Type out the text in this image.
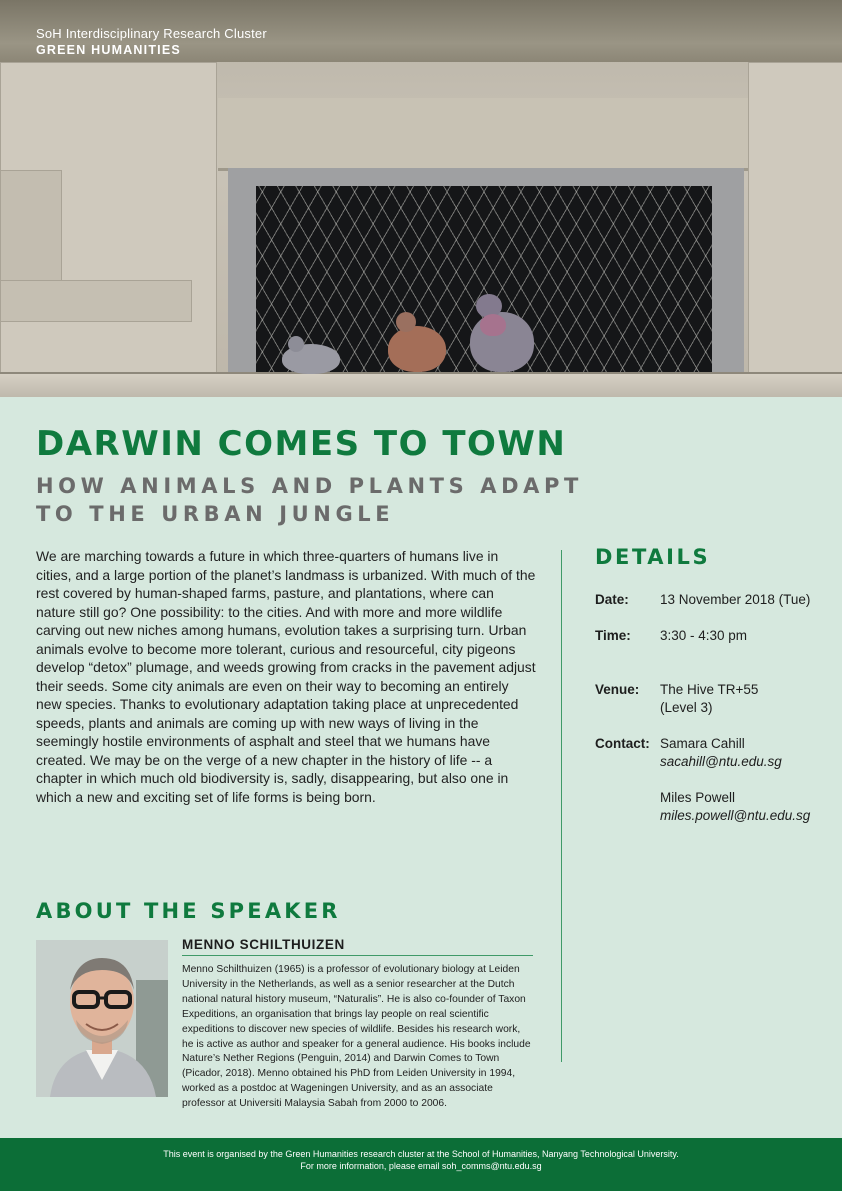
SoH Interdisciplinary Research Cluster
GREEN HUMANITIES
DARWIN COMES TO TOWN
HOW ANIMALS AND PLANTS ADAPT
TO THE URBAN JUNGLE

We are marching towards a future in which three-quarters of humans live in cities, and a large portion of the planet’s landmass is urbanized. With much of the rest covered by human-shaped farms, pasture, and plantations, where can nature still go? One possibility: to the cities. And with more and more wildlife carving out new niches among humans, evolution takes a surprising turn. Urban animals evolve to become more tolerant, curious and resourceful, city pigeons develop “detox” plumage, and weeds growing from cracks in the pavement adjust their seeds. Some city animals are even on their way to becoming an entirely new species. Thanks to evolutionary adaptation taking place at unprecedented speeds, plants and animals are coming up with new ways of living in the seemingly hostile environments of asphalt and steel that we humans have created. We may be on the verge of a new chapter in the history of life -- a chapter in which much old biodiversity is, sadly, disappearing, but also one in which a new and exciting set of life forms is being born.

DETAILS
Date: 13 November 2018 (Tue)
Time: 3:30 - 4:30 pm
Venue: The Hive TR+55
(Level 3)
Contact: Samara Cahill
sacahill@ntu.edu.sg
Miles Powell
miles.powell@ntu.edu.sg
ABOUT THE SPEAKER
MENNO SCHILTHUIZEN
Menno Schilthuizen (1965) is a professor of evolutionary biology at Leiden University in the Netherlands, as well as a senior researcher at the Dutch national natural history museum, “Naturalis”. He is also co-founder of Taxon Expeditions, an organisation that brings lay people on real scientific expeditions to discover new species of wildlife. Besides his research work, he is active as author and speaker for a general audience. His books include Nature’s Nether Regions (Penguin, 2014) and Darwin Comes to Town (Picador, 2018). Menno obtained his PhD from Leiden University in 1994, worked as a postdoc at Wageningen University, and as an associate professor at Universiti Malaysia Sabah from 2000 to 2006.
This event is organised by the Green Humanities research cluster at the School of Humanities, Nanyang Technological University.
For more information, please email soh_comms@ntu.edu.sg
